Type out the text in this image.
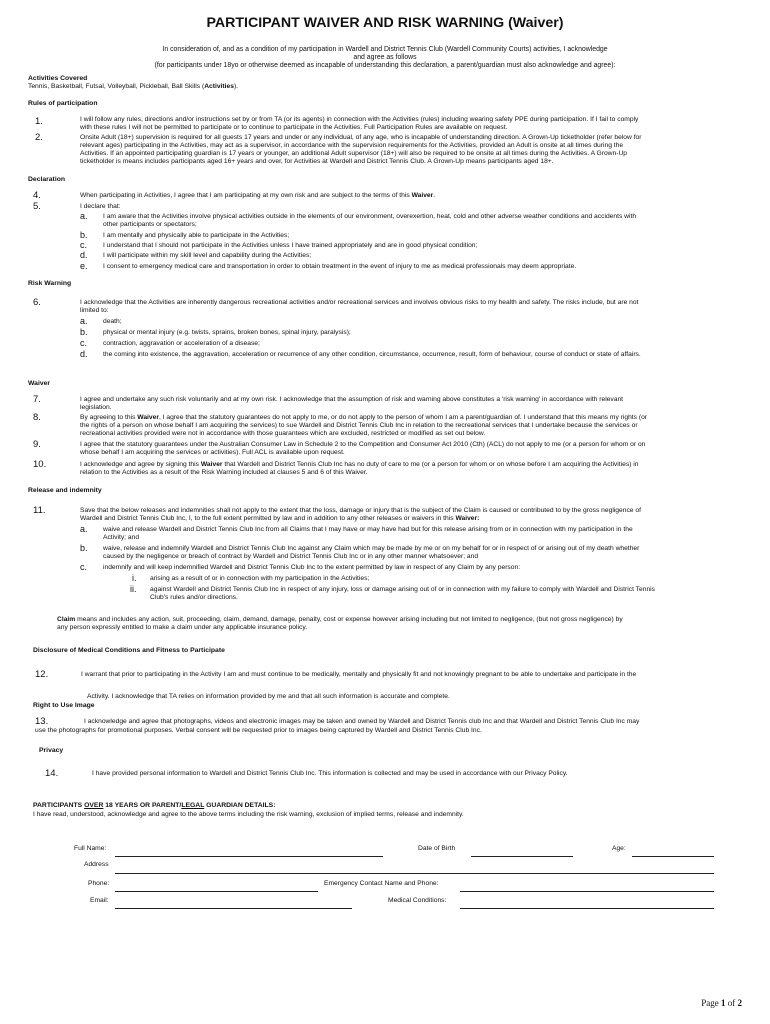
PARTICIPANT WAIVER AND RISK WARNING (Waiver)
In consideration of, and as a condition of my participation in Wardell and District Tennis Club (Wardell Community Courts) activities, I acknowledge
and agree as follows
(for participants under 18yo or otherwise deemed as incapable of understanding this declaration, a parent/guardian must also acknowledge and agree):
Activities Covered
Tennis, Basketball, Futsal, Volleyball, Pickleball, Ball Skills (Activities).
Rules of participation
1.	I will follow any rules, directions and/or instructions set by or from TA (or its agents) in connection with the Activities (rules) including wearing safety PPE during participation. If I fail to comply
with these rules I will not be permitted to participate or to continue to participate in the Activities. Full Participation Rules are available on request.
2.	Onsite Adult (18+) supervision is required for all guests 17 years and under or any individual, of any age, who is incapable of understanding direction. A Grown-Up ticketholder (refer below for
relevant ages) participating in the Activities, may act as a supervisor, in accordance with the supervision requirements for the Activities, provided an Adult is onsite at all times during the
Activities. If an appointed participating guardian is 17 years or younger, an additional Adult supervisor (18+) will also be required to be onsite at all times during the Activities. A Grown-Up
ticketholder is means includes participants aged 16+ years and over, for Activities at Wardell and District Tennis Club. A Grown-Up means participants aged 18+.
Declaration
4.	When participating in Activities, I agree that I am participating at my own risk and are subject to the terms of this Waiver.
5.	I declare that:
a. I am aware that the Activities involve physical activities outside in the elements of our environment, overexertion, heat, cold and other adverse weather conditions and accidents with
other participants or spectators;
b. I am mentally and physically able to participate in the Activities;
c. I understand that I should not participate in the Activities unless I have trained appropriately and are in good physical condition;
d. I will participate within my skill level and capability during the Activities;
e. I consent to emergency medical care and transportation in order to obtain treatment in the event of injury to me as medical professionals may deem appropriate.
Risk Warning
6.	I acknowledge that the Activities are inherently dangerous recreational activities and/or recreational services and involves obvious risks to my health and safety. The risks include, but are not
limited to:
a. death;
b. physical or mental injury (e.g. twists, sprains, broken bones, spinal injury, paralysis);
c. contraction, aggravation or acceleration of a disease;
d. the coming into existence, the aggravation, acceleration or recurrence of any other condition, circumstance, occurrence, result, form of behaviour, course of conduct or state of affairs.
Waiver
7.	I agree and undertake any such risk voluntarily and at my own risk. I acknowledge that the assumption of risk and warning above constitutes a 'risk warning' in accordance with relevant
legislation.
8.	By agreeing to this Waiver, I agree that the statutory guarantees do not apply to me, or do not apply to the person of whom I am a parent/guardian of. I understand that this means my rights (or
the rights of a person on whose behalf I am acquiring the services) to sue Wardell and District Tennis Club Inc in relation to the recreational services that I undertake because the services or
recreational activities provided were not in accordance with those guarantees which are excluded, restricted or modified as set out below.
9.	I agree that the statutory guarantees under the Australian Consumer Law in Schedule 2 to the Competition and Consumer Act 2010 (Cth) (ACL) do not apply to me (or a person for whom or on
whose behalf I am acquiring the services or activities). Full ACL is available upon request.
10.	I acknowledge and agree by signing this Waiver that Wardell and District Tennis Club Inc has no duty of care to me (or a person for whom or on whose before I am acquiring the Activities) in
relation to the Activities as a result of the Risk Warning included at clauses 5 and 6 of this Waiver.
Release and indemnity
11.	Save that the below releases and indemnities shall not apply to the extent that the loss, damage or injury that is the subject of the Claim is caused or contributed to by the gross negligence of
Wardell and District Tennis Club Inc, I, to the full extent permitted by law and in addition to any other releases or waivers in this Waiver:
a. waive and release Wardell and District Tennis Club Inc from all Claims that I may have or may have had but for this release arising from or in connection with my participation in the
Activity; and
b. waive, release and indemnify Wardell and District Tennis Club Inc against any Claim which may be made by me or on my behalf for or in respect of or arising out of my death whether
caused by the negligence or breach of contract by Wardell and District Tennis Club Inc or in any other manner whatsoever; and
c. indemnify and will keep indemnified Wardell and District Tennis Club Inc to the extent permitted by law in respect of any Claim by any person:
i. arising as a result of or in connection with my participation in the Activities;
ii. against Wardell and District Tennis Club Inc in respect of any injury, loss or damage arising out of or in connection with my failure to comply with Wardell and District Tennis
Club's rules and/or directions.
Claim means and includes any action, suit, proceeding, claim, demand, damage, penalty, cost or expense however arising including but not limited to negligence, (but not gross negligence) by
any person expressly entitled to make a claim under any applicable insurance policy.
Disclosure of Medical Conditions and Fitness to Participate
12.	I warrant that prior to participating in the Activity I am and must continue to be medically, mentally and physically fit and not knowingly pregnant to be able to undertake and participate in the
Activity. I acknowledge that TA relies on information provided by me and that all such information is accurate and complete.
Right to Use Image
13.	I acknowledge and agree that photographs, videos and electronic images may be taken and owned by Wardell and District Tennis club Inc and that Wardell and District Tennis Club Inc may
use the photographs for promotional purposes. Verbal consent will be requested prior to images being captured by Wardell and District Tennis Club Inc.
Privacy
14.	I have provided personal information to Wardell and District Tennis Club Inc. This information is collected and may be used in accordance with our Privacy Policy.
PARTICIPANTS OVER 18 YEARS OR PARENT/LEGAL GUARDIAN DETAILS:
I have read, understood, acknowledge and agree to the above terms including the risk warning, exclusion of implied terms, release and indemnity.
Full Name:	Date of Birth	Age:
Address
Phone:	Emergency Contact Name and Phone:
Email:	Medical Conditions:
Page 1 of 2
